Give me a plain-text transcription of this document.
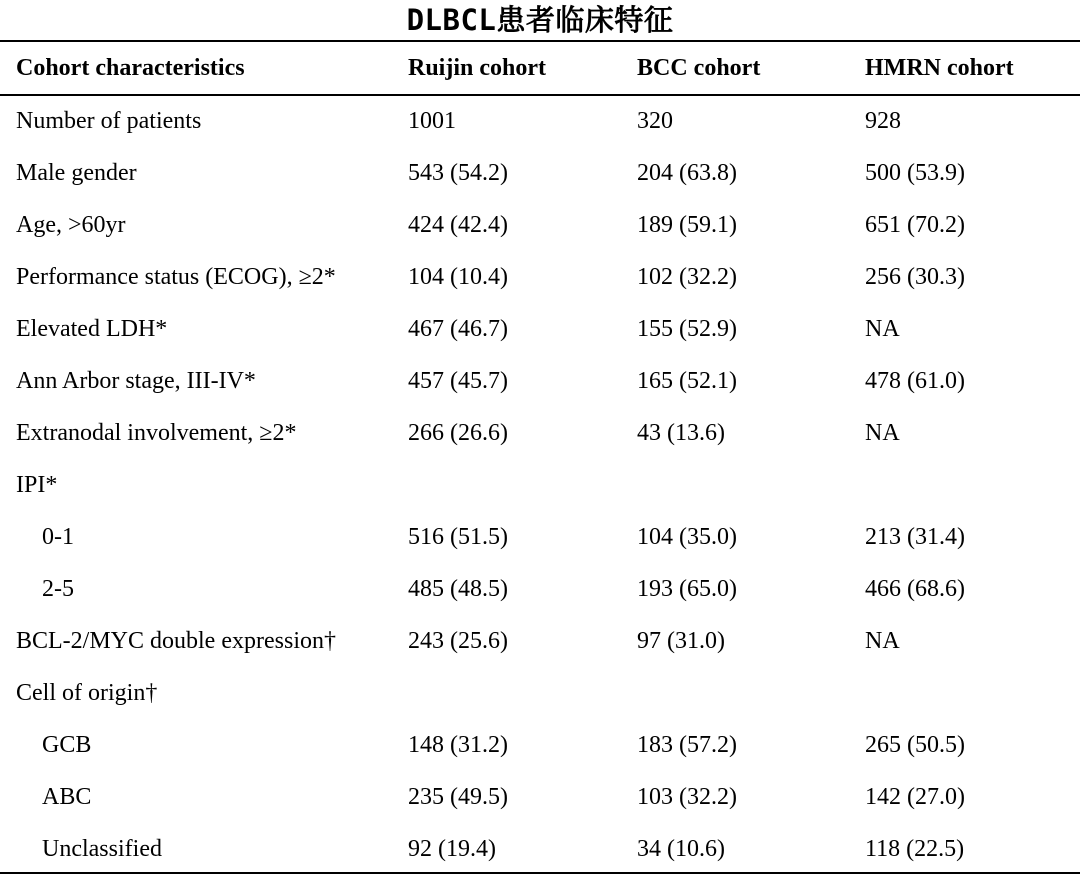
DLBCL患者临床特征
Cohort characteristics	Ruijin cohort	BCC cohort	HMRN cohort
Number of patients	1001	320	928
Male gender	543 (54.2)	204 (63.8)	500 (53.9)
Age, >60yr	424 (42.4)	189 (59.1)	651 (70.2)
Performance status (ECOG), ≥2*	104 (10.4)	102 (32.2)	256 (30.3)
Elevated LDH*	467 (46.7)	155 (52.9)	NA
Ann Arbor stage, III-IV*	457 (45.7)	165 (52.1)	478 (61.0)
Extranodal involvement, ≥2*	266 (26.6)	43 (13.6)	NA
IPI*
0-1	516 (51.5)	104 (35.0)	213 (31.4)
2-5	485 (48.5)	193 (65.0)	466 (68.6)
BCL-2/MYC double expression†	243 (25.6)	97 (31.0)	NA
Cell of origin†
GCB	148 (31.2)	183 (57.2)	265 (50.5)
ABC	235 (49.5)	103 (32.2)	142 (27.0)
Unclassified	92 (19.4)	34 (10.6)	118 (22.5)
